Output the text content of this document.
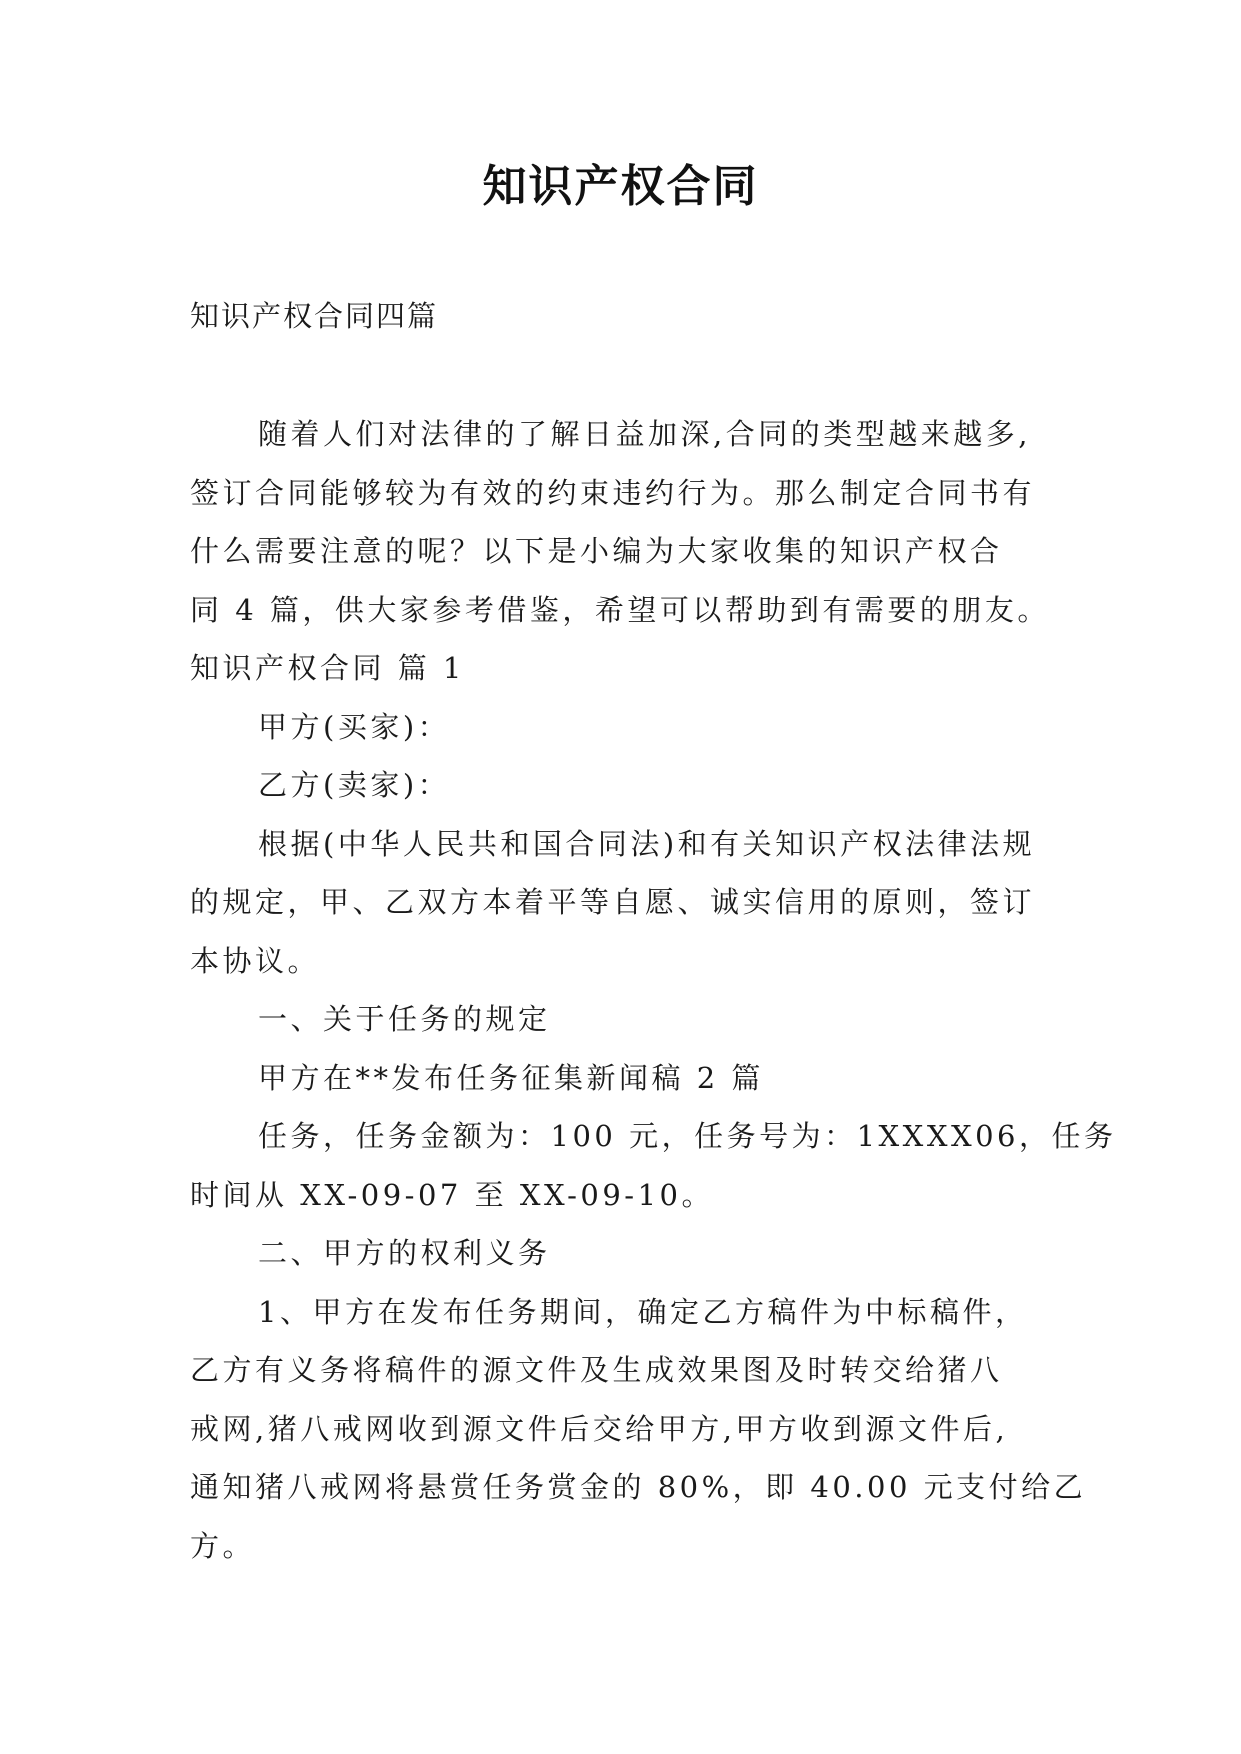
知识产权合同
知识产权合同四篇
随着人们对法律的了解日益加深,合同的类型越来越多,
签订合同能够较为有效的约束违约行为。那么制定合同书有
什么需要注意的呢？以下是小编为大家收集的知识产权合
同 4 篇，供大家参考借鉴，希望可以帮助到有需要的朋友。
知识产权合同 篇 1
甲方(买家)：
乙方(卖家)：
根据(中华人民共和国合同法)和有关知识产权法律法规
的规定，甲、乙双方本着平等自愿、诚实信用的原则，签订
本协议。
一、关于任务的规定
甲方在**发布任务征集新闻稿 2 篇
任务，任务金额为：100 元，任务号为：1XXXX06，任务
时间从 XX-09-07 至 XX-09-10。
二、甲方的权利义务
1、甲方在发布任务期间，确定乙方稿件为中标稿件，
乙方有义务将稿件的源文件及生成效果图及时转交给猪八
戒网,猪八戒网收到源文件后交给甲方,甲方收到源文件后,
通知猪八戒网将悬赏任务赏金的 80%，即 40.00 元支付给乙
方。
